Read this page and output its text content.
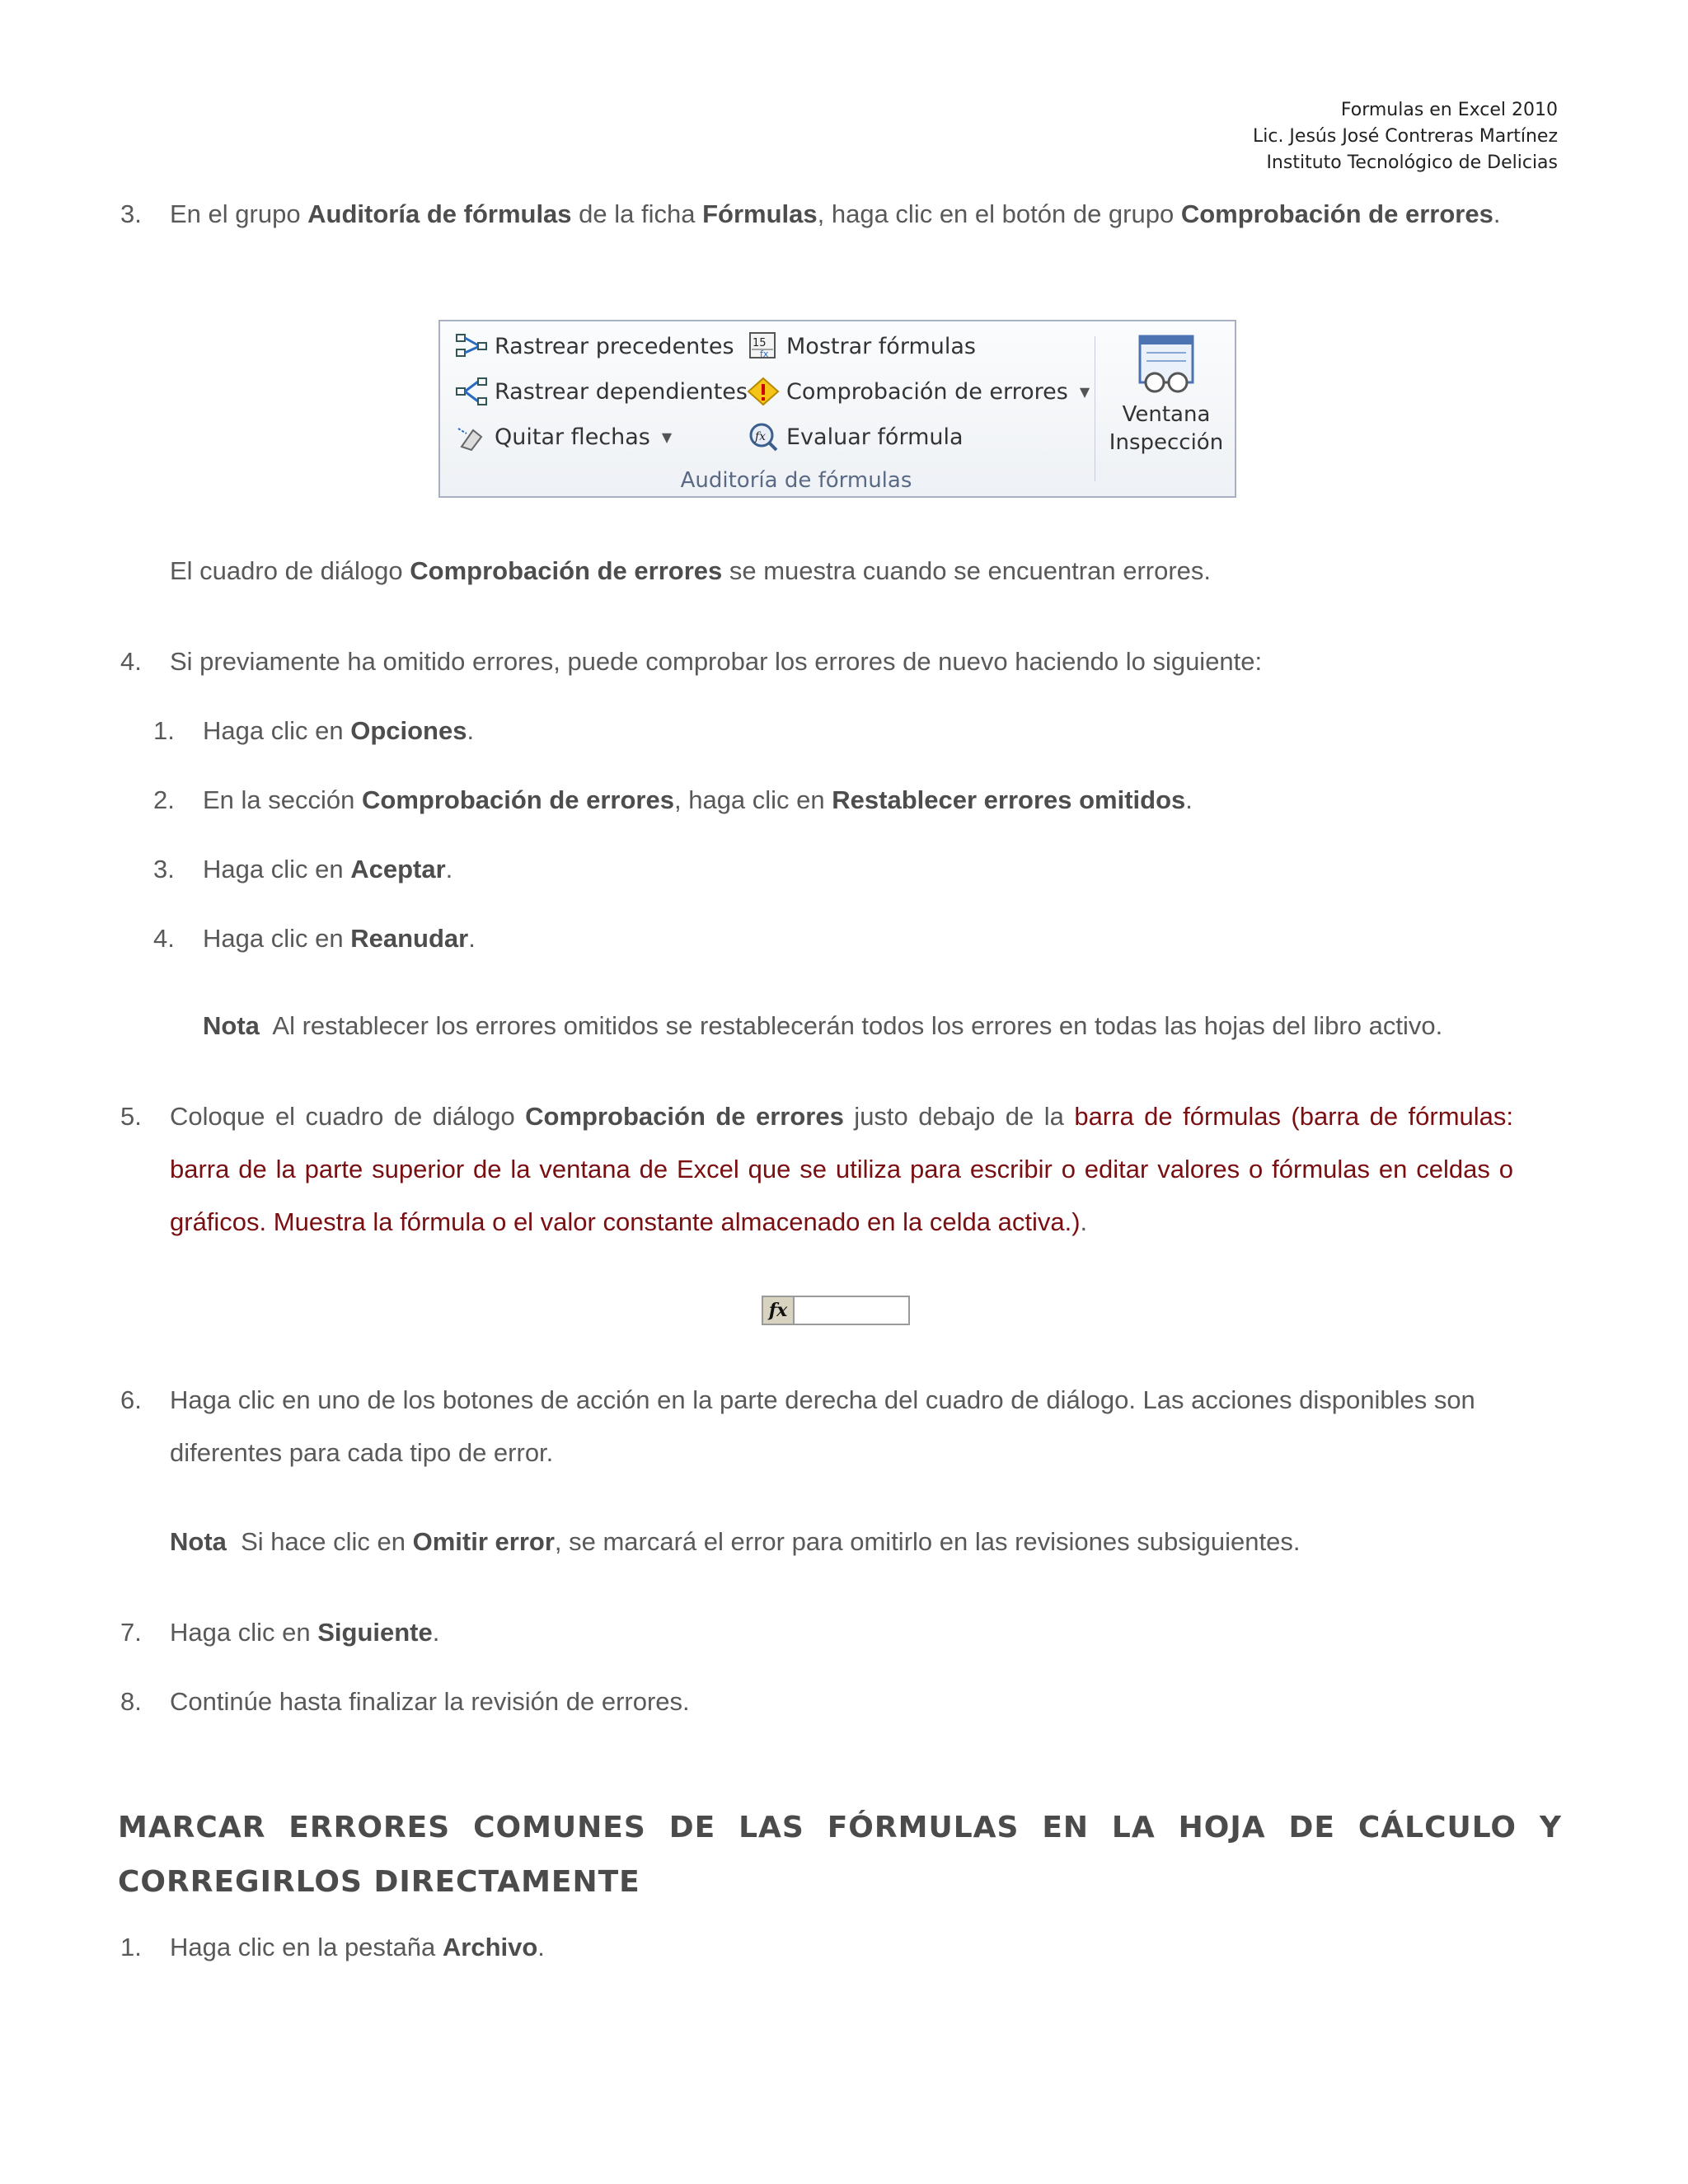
Formulas en Excel 2010
Lic. Jesús José Contreras Martínez
Instituto Tecnológico de Delicias
3.	En el grupo Auditoría de fórmulas de la ficha Fórmulas, haga clic en el botón de grupo Comprobación de errores.

Rastrear precedentes
Rastrear dependientes
Quitar flechas ▼
15
fx Mostrar fórmulas
Comprobación de errores ▼
fx Evaluar fórmula
Ventana
Inspección
Auditoría de fórmulas

El cuadro de diálogo Comprobación de errores se muestra cuando se encuentran errores.

4.	Si previamente ha omitido errores, puede comprobar los errores de nuevo haciendo lo siguiente:

1.	Haga clic en Opciones.

2.	En la sección Comprobación de errores, haga clic en Restablecer errores omitidos.

3.	Haga clic en Aceptar.

4.	Haga clic en Reanudar.

Nota  Al restablecer los errores omitidos se restablecerán todos los errores en todas las hojas del libro activo.

5.	Coloque el cuadro de diálogo Comprobación de errores justo debajo de la barra de fórmulas (barra de fórmulas: barra de la parte superior de la ventana de Excel que se utiliza para escribir o editar valores o fórmulas en celdas o gráficos. Muestra la fórmula o el valor constante almacenado en la celda activa.).

fx
6.	Haga clic en uno de los botones de acción en la parte derecha del cuadro de diálogo. Las acciones disponibles son diferentes para cada tipo de error.

Nota  Si hace clic en Omitir error, se marcará el error para omitirlo en las revisiones subsiguientes.

7.	Haga clic en Siguiente.

8.	Continúe hasta finalizar la revisión de errores.

MARCAR ERRORES COMUNES DE LAS FÓRMULAS EN LA HOJA DE CÁLCULO Y CORREGIRLOS DIRECTAMENTE
1.	Haga clic en la pestaña Archivo.
